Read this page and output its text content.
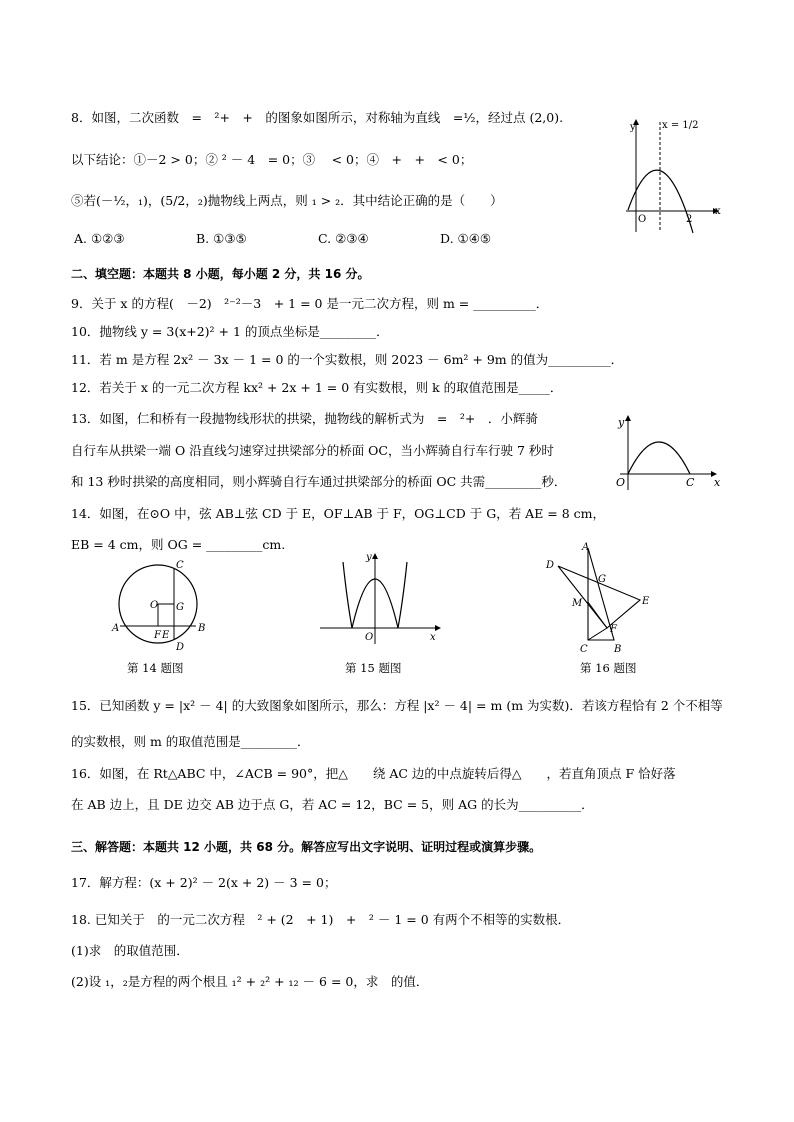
8．如图，二次函数　=　²+　+　的图象如图所示，对称轴为直线　=½，经过点 (2,0).
以下结论：①－2 > 0；② ² － 4　= 0；③　 < 0；④　+　+　< 0；
⑤若(－½，₁)，(5/2，₂)抛物线上两点，则 ₁ > ₂．其中结论正确的是（　　）
A. ①②③	B. ①③⑤	C. ②③④	D. ①④⑤
y	x = 1/2
O	2
x
二、填空题：本题共 8 小题，每小题 2 分，共 16 分。
9．关于 x 的方程(　－2)　²⁻²－3　+ 1 = 0 是一元二次方程，则 m = __________．
10．抛物线 y = 3(x+2)² + 1 的顶点坐标是_________．
11．若 m 是方程 2x² － 3x － 1 = 0 的一个实数根，则 2023 － 6m² + 9m 的值为__________．
12．若关于 x 的一元二次方程 kx² + 2x + 1 = 0 有实数根，则 k 的取值范围是_____．
13．如图，仁和桥有一段抛物线形状的拱梁，抛物线的解析式为　=　²+　．小辉骑
自行车从拱梁一端 O 沿直线匀速穿过拱梁部分的桥面 OC，当小辉骑自行车行驶 7 秒时
和 13 秒时拱梁的高度相同，则小辉骑自行车通过拱梁部分的桥面 OC 共需_________秒．
y
O	C x
14．如图，在⊙O 中，弦 AB⊥弦 CD 于 E，OF⊥AB 于 F，OG⊥CD 于 G，若 AE = 8 cm，
EB = 4 cm，则 OG = _________cm.
C
O G
A
F E
B
D
第 14 题图
y
O	x
第 15 题图
A
D
G
E
M
F
C	B
第 16 题图
15．已知函数 y = |x² － 4| 的大致图象如图所示，那么：方程 |x² － 4| = m (m 为实数)．若该方程恰有 2 个不相等
的实数根，则 m 的取值范围是_________．
16．如图，在 Rt△ABC 中，∠ACB = 90°，把△　　绕 AC 边的中点旋转后得△　　，若直角顶点 F 恰好落
在 AB 边上，且 DE 边交 AB 边于点 G，若 AC = 12，BC = 5，则 AG 的长为__________．
三、解答题：本题共 12 小题，共 68 分。解答应写出文字说明、证明过程或演算步骤。
17．解方程：(x + 2)² － 2(x + 2) － 3 = 0；
18. 已知关于　的一元二次方程　² + (2　+ 1)　+　² － 1 = 0 有两个不相等的实数根．
(1)求　的取值范围．
(2)设 ₁，₂是方程的两个根且 ₁² + ₂² + ₁₂ － 6 = 0，求　的值．
